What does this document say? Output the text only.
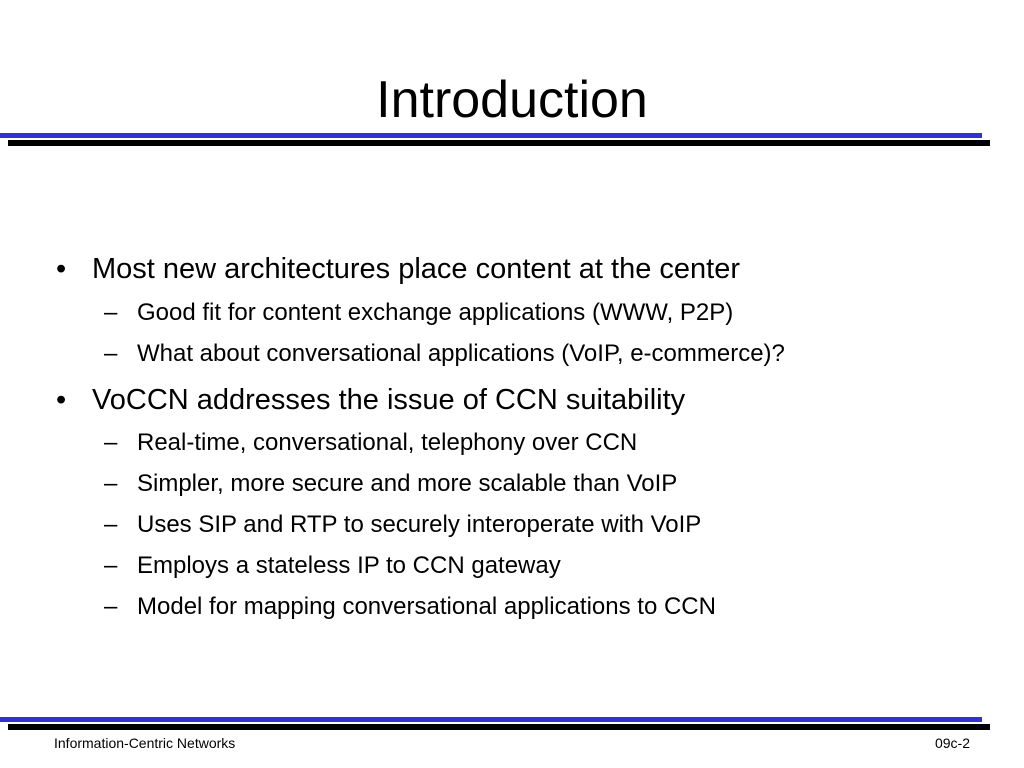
Introduction
• Most new architectures place content at the center
– Good fit for content exchange applications (WWW, P2P)
– What about conversational applications (VoIP, e-commerce)?
• VoCCN addresses the issue of CCN suitability
– Real-time, conversational, telephony over CCN
– Simpler, more secure and more scalable than VoIP
– Uses SIP and RTP to securely interoperate with VoIP
– Employs a stateless IP to CCN gateway
– Model for mapping conversational applications to CCN
Information-Centric Networks	09c-2
